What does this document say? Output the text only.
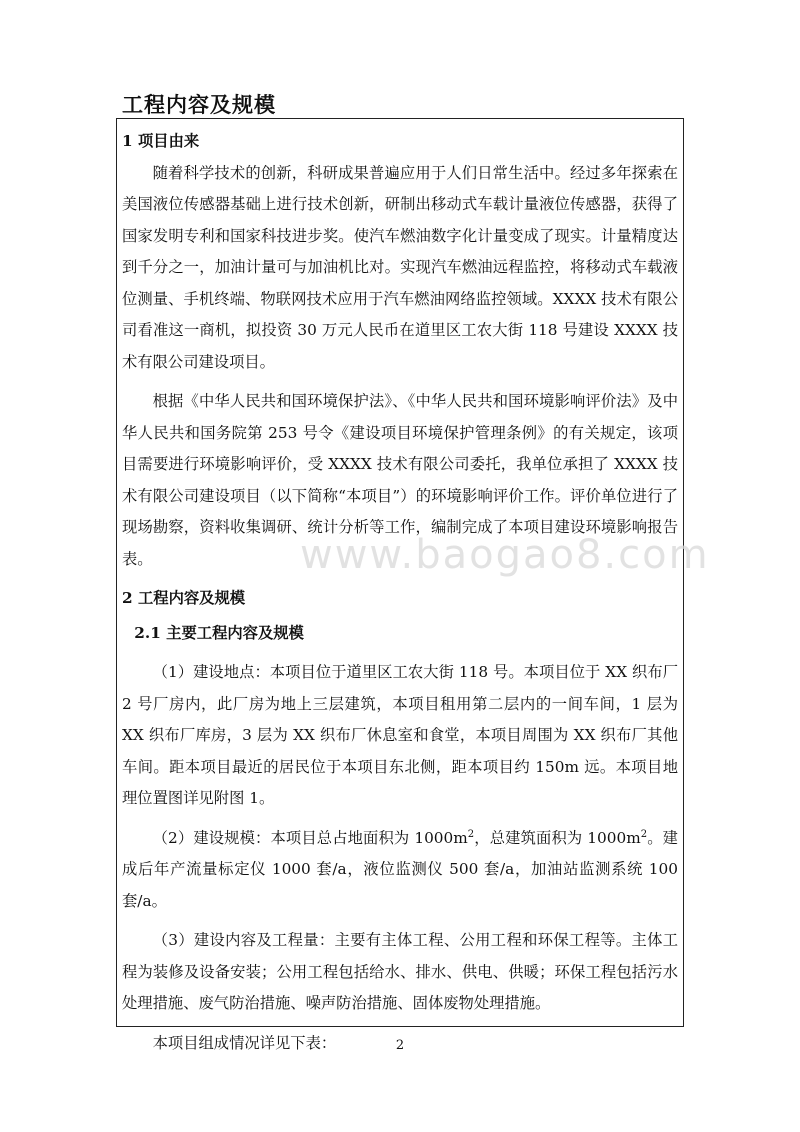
工程内容及规模
www.baogao8.com

1 项目由来

随着科学技术的创新，科研成果普遍应用于人们日常生活中。经过多年探索在美国液位传感器基础上进行技术创新，研制出移动式车载计量液位传感器，获得了国家发明专利和国家科技进步奖。使汽车燃油数字化计量变成了现实。计量精度达到千分之一，加油计量可与加油机比对。实现汽车燃油远程监控，将移动式车载液位测量、手机终端、物联网技术应用于汽车燃油网络监控领域。XXXX 技术有限公司看准这一商机，拟投资 30 万元人民币在道里区工农大街 118 号建设 XXXX 技术有限公司建设项目。

根据《中华人民共和国环境保护法》、《中华人民共和国环境影响评价法》及中华人民共和国务院第 253 号令《建设项目环境保护管理条例》的有关规定，该项目需要进行环境影响评价，受 XXXX 技术有限公司委托，我单位承担了 XXXX 技术有限公司建设项目（以下简称“本项目”）的环境影响评价工作。评价单位进行了现场勘察，资料收集调研、统计分析等工作，编制完成了本项目建设环境影响报告表。

2 工程内容及规模

2.1 主要工程内容及规模

（1）建设地点：本项目位于道里区工农大街 118 号。本项目位于 XX 织布厂 2 号厂房内，此厂房为地上三层建筑，本项目租用第二层内的一间车间，1 层为 XX 织布厂库房，3 层为 XX 织布厂休息室和食堂，本项目周围为 XX 织布厂其他车间。距本项目最近的居民位于本项目东北侧，距本项目约 150m 远。本项目地理位置图详见附图 1。

（2）建设规模：本项目总占地面积为 $1000m^2$，总建筑面积为 $1000m^2$。建成后年产流量标定仪 1000 套/a，液位监测仪 500 套/a，加油站监测系统 100 套/a。

（3）建设内容及工程量：主要有主体工程、公用工程和环保工程等。主体工程为装修及设备安装；公用工程包括给水、排水、供电、供暖；环保工程包括污水处理措施、废气防治措施、噪声防治措施、固体废物处理措施。

本项目组成情况详见下表：	2
